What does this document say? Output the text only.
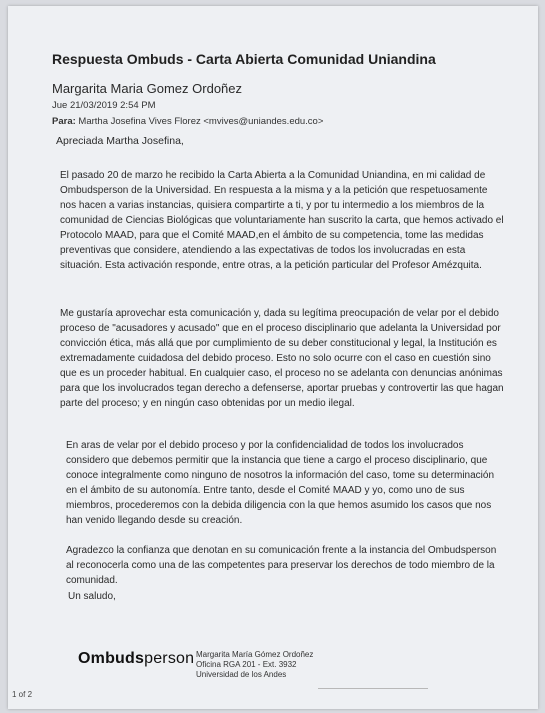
Respuesta Ombuds - Carta Abierta Comunidad Uniandina
Margarita Maria Gomez Ordoñez
Jue 21/03/2019 2:54 PM
Para: Martha Josefina Vives Florez <mvives@uniandes.edu.co>
Apreciada Martha Josefina,

El pasado 20 de marzo he recibido la Carta Abierta a la Comunidad Uniandina, en mi calidad de Ombudsperson de la Universidad. En respuesta a la misma y a la petición que respetuosamente nos hacen a varias instancias, quisiera compartirte a ti, y por tu intermedio a los miembros de la comunidad de Ciencias Biológicas que voluntariamente han suscrito la carta, que hemos activado el Protocolo MAAD, para que el Comité MAAD,en el ámbito de su competencia, tome las medidas preventivas que considere, atendiendo a las expectativas de todos los involucradas en esta situación. Esta activación responde, entre otras, a la petición particular del Profesor Amézquita.

Me gustaría aprovechar esta comunicación y, dada su legítima preocupación de velar por el debido proceso de "acusadores y acusado" que en el proceso disciplinario que adelanta la Universidad por convicción ética, más allá que por cumplimiento de su deber constitucional y legal, la Institución es extremadamente cuidadosa del debido proceso. Esto no solo ocurre con el caso en cuestión sino que es un proceder habitual. En cualquier caso, el proceso no se adelanta con denuncias anónimas para que los involucrados tegan derecho a defenserse, aportar pruebas y controvertir las que hagan parte del proceso; y en ningún caso obtenidas por un medio ilegal.

En aras de velar por el debido proceso y por la confidencialidad de todos los involucrados considero que debemos permitir que la instancia que tiene a cargo el proceso disciplinario, que conoce integralmente como ninguno de nosotros la información del caso, tome su determinación en el ámbito de su autonomía. Entre tanto, desde el Comité MAAD y yo, como uno de sus miembros, procederemos con la debida diligencia con la que hemos asumido los casos que nos han venido llegando desde su creación.

Agradezco la confianza que denotan en su comunicación frente a la instancia del Ombudsperson al reconocerla como una de las competentes para preservar los derechos de todo miembro de la comunidad.

Un saludo,
Ombudsperson Margarita María Gómez Ordoñez
Oficina RGA 201 - Ext. 3932
Universidad de los Andes
1 of 2
